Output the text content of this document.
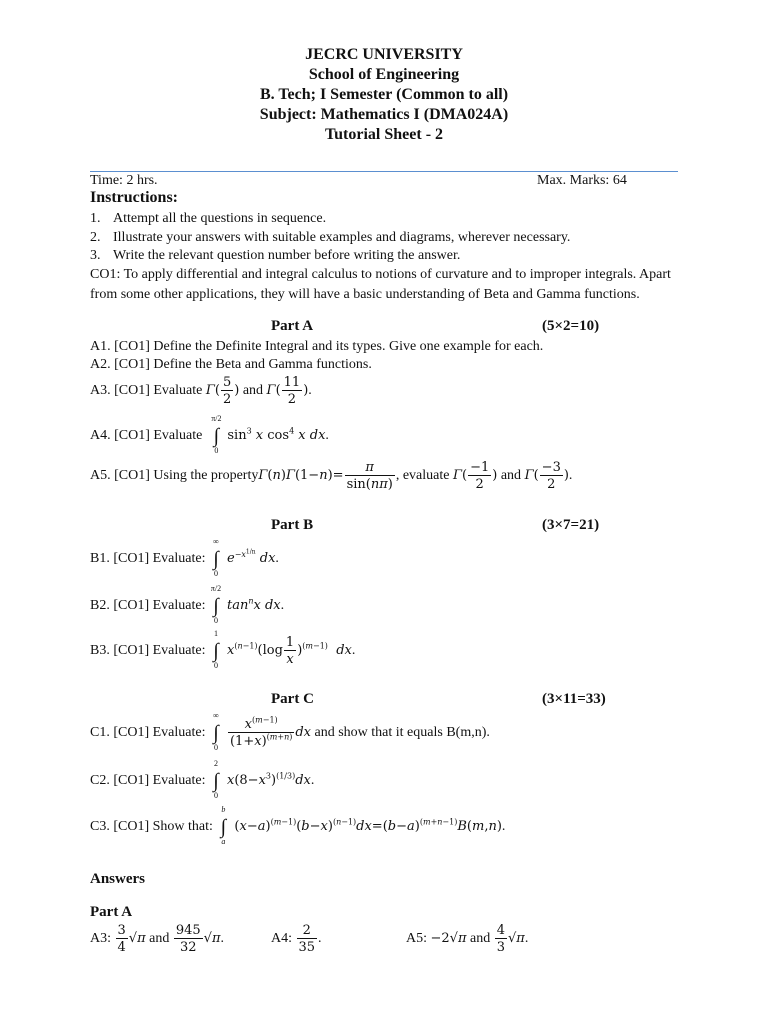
JECRC UNIVERSITY
School of Engineering
B. Tech; I Semester (Common to all)
Subject: Mathematics I (DMA024A)
Tutorial Sheet - 2
Time: 2 hrs.	Max. Marks: 64
Instructions:
1. Attempt all the questions in sequence.
2. Illustrate your answers with suitable examples and diagrams, wherever necessary.
3. Write the relevant question number before writing the answer.
CO1: To apply differential and integral calculus to notions of curvature and to improper integrals. Apart from some other applications, they will have a basic understanding of Beta and Gamma functions.
Part A	(5×2=10)
A1. [CO1] Define the Definite Integral and its types. Give one example for each.
A2. [CO1] Define the Beta and Gamma functions.
A3. [CO1] Evaluate $\Gamma( \frac{5}{2}$ ) and $\Gamma( \frac{11}{2}$ ).
A4. [CO1] Evaluate
π/2
∫
0
$\sin^3 x$ $\cos^4 x$ dx.
A5. [CO1] Using the propertyΓ(n)Γ(1−n)= $\frac{\pi}{\sin(n\pi)}$ , evaluate $\Gamma( \frac{-1}{2}$ ) and $\Gamma( \frac{-3}{2}$ ).
Part B	(3×7=21)
B1. [CO1] Evaluate:
∞
∫
0
$e^{-x^{1/n}}$ dx.
B2. [CO1] Evaluate:
π/2
∫
0
$\tan^nx$ dx.
B3. [CO1] Evaluate:
1
∫
0
$x^{(n-1)}(\log \frac{1}{x} )^{(m-1)}$ dx.
Part C	(3×11=33)
C1. [CO1] Evaluate:
∞
∫
$0 \frac{x^{(m-1)}}{(1+x)^{(m+n)}}$ dx and show that it equals B(m,n).
C2. [CO1] Evaluate:
2
∫
0
$x(8-x^3)^{(1/3)}dx$.
C3. [CO1] Show that:
b
∫
a
$(x-a)^{(m-1)}(b-x)^{(n-1)}dx=(b-a)^{(m+n-1)}B(m,n)$.
Answers
Part A
A3: $\frac{3}{4} √\pi$ and $\frac{945}{32} √\pi$.	A4: $\frac{2}{35}$ .	A5: −2√π and $\frac{4}{3} √\pi$.
